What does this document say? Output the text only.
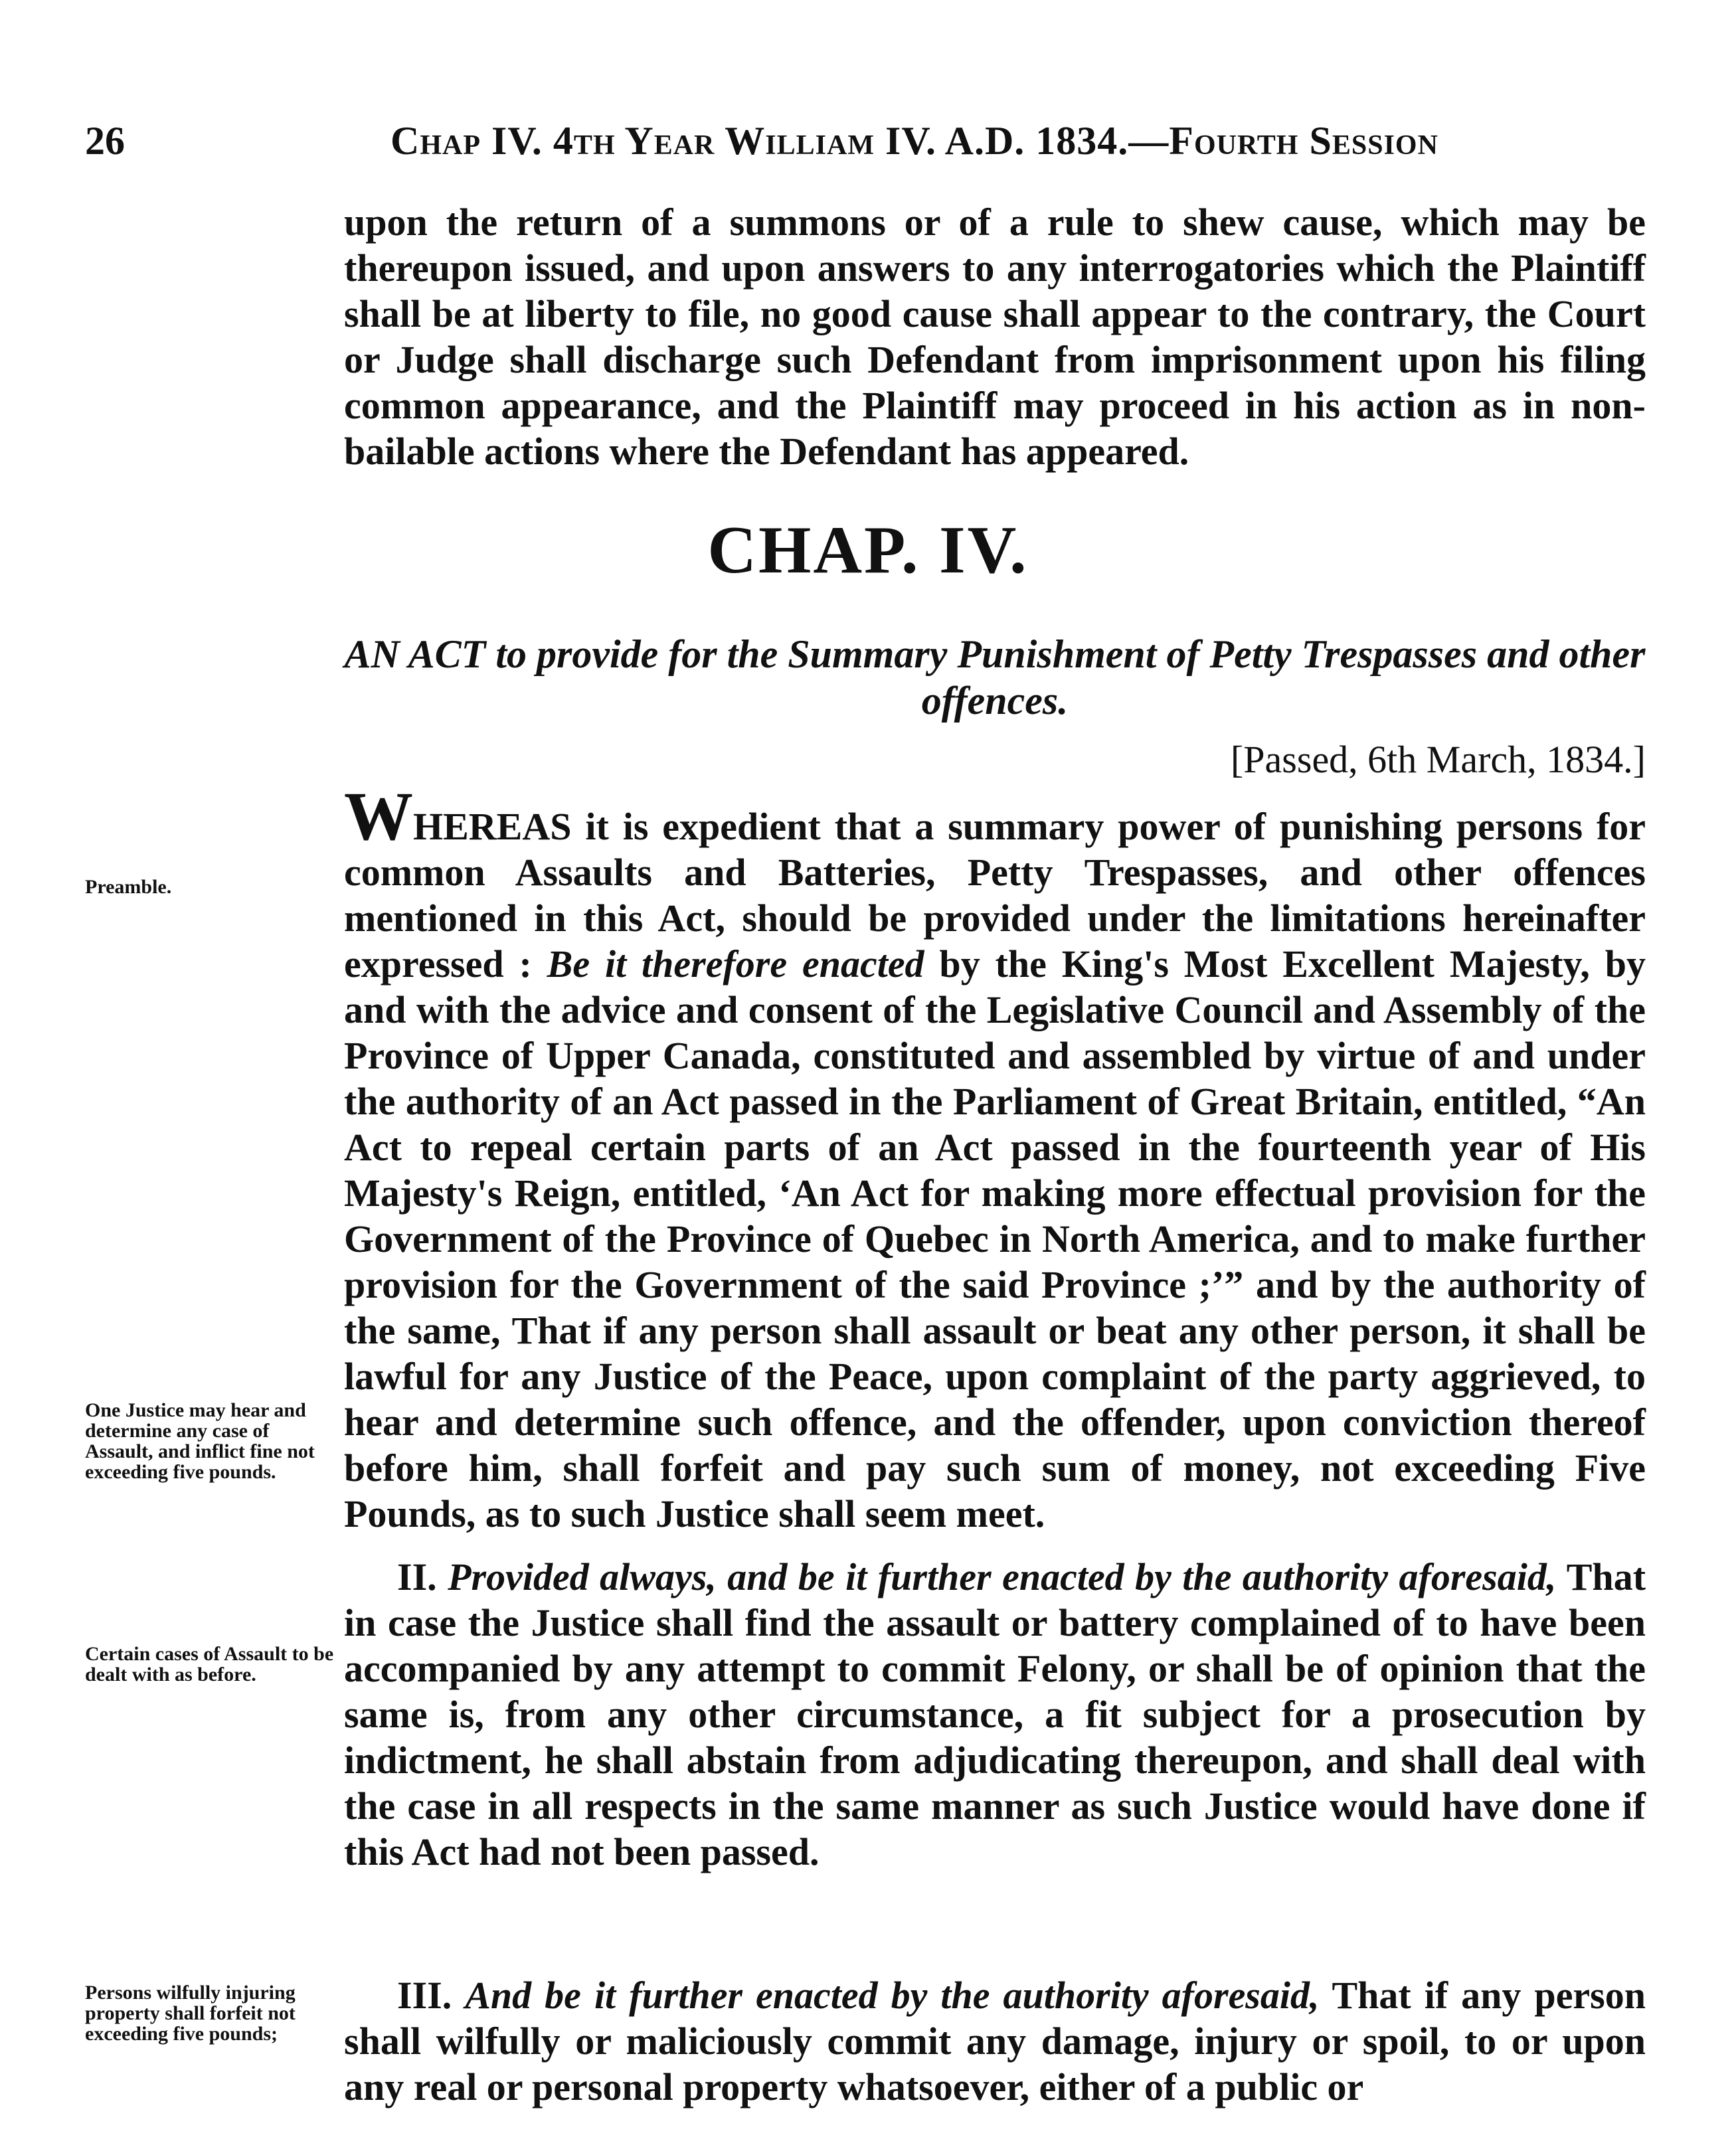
26	Chap IV. 4th Year William IV. A.D. 1834.—Fourth Session

upon the return of a summons or of a rule to shew cause, which may be thereupon issued, and upon answers to any interrogatories which the Plaintiff shall be at liberty to file, no good cause shall appear to the contrary, the Court or Judge shall discharge such Defendant from imprisonment upon his filing common appearance, and the Plaintiff may proceed in his action as in non-bailable actions where the Defendant has appeared.

CHAP. IV.
AN ACT to provide for the Summary Punishment of Petty Trespasses and other offences.
[Passed, 6th March, 1834.]

WHEREAS it is expedient that a summary power of punishing persons for common Assaults and Batteries, Petty Trespasses, and other offences mentioned in this Act, should be provided under the limitations hereinafter expressed : Be it therefore enacted by the King's Most Excellent Majesty, by and with the advice and consent of the Legislative Council and Assembly of the Province of Upper Canada, constituted and assembled by virtue of and under the authority of an Act passed in the Parliament of Great Britain, entitled, “An Act to repeal certain parts of an Act passed in the fourteenth year of His Majesty's Reign, entitled, ‘An Act for making more effectual provision for the Government of the Province of Quebec in North America, and to make further provision for the Government of the said Province ;’” and by the authority of the same, That if any person shall assault or beat any other person, it shall be lawful for any Justice of the Peace, upon complaint of the party aggrieved, to hear and determine such offence, and the offender, upon conviction thereof before him, shall forfeit and pay such sum of money, not exceeding Five Pounds, as to such Justice shall seem meet.

Preamble.
One Justice may hear and determine any case of Assault, and inflict fine not exceeding five pounds.

II. Provided always, and be it further enacted by the authority aforesaid, That in case the Justice shall find the assault or battery complained of to have been accompanied by any attempt to commit Felony, or shall be of opinion that the same is, from any other circumstance, a fit subject for a prosecution by indictment, he shall abstain from adjudicating thereupon, and shall deal with the case in all respects in the same manner as such Justice would have done if this Act had not been passed.

Certain cases of Assault to be dealt with as before.

III. And be it further enacted by the authority aforesaid, That if any person shall wilfully or maliciously commit any damage, injury or spoil, to or upon any real or personal property whatsoever, either of a public or

Persons wilfully injuring property shall forfeit not exceeding five pounds;
